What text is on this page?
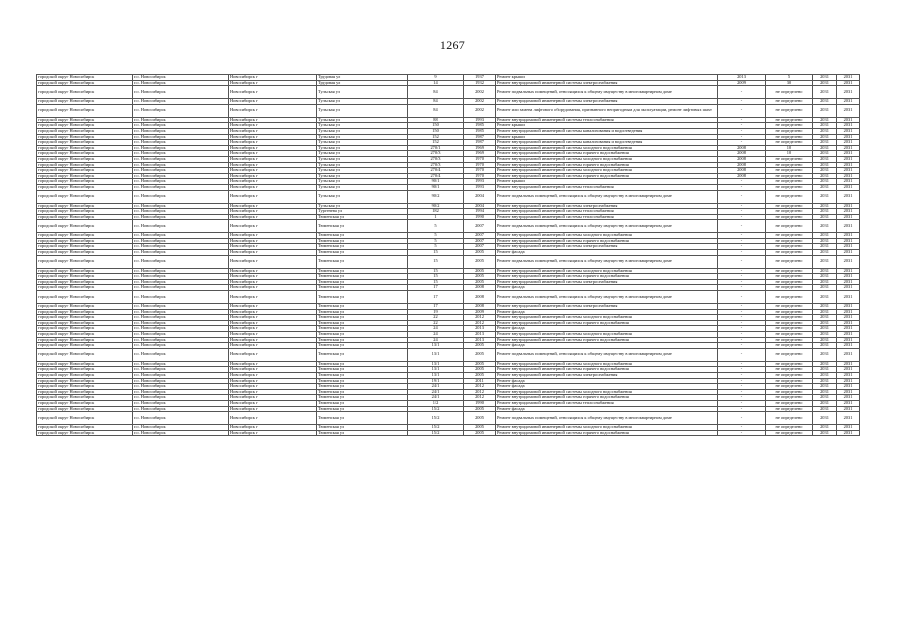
1267
городской округ Новосибирск	г.о. Новосибирск	Новосибирск г	Трудовая ул	9	1937	Ремонт крыши	2013	5	2031	2031
городской округ Новосибирск	г.о. Новосибирск	Новосибирск г	Трудовая ул	14	1932	Ремонт внутридомовой инженерной системы электроснабжения	2009	30	2031	2031
городской округ Новосибирск	г.о. Новосибирск	Новосибирск г	Тульская ул	84	2002	Ремонт подвальных помещений, относящихся к общему имуществу в многоквартирном доме	-	не определено	2031	2031
городской округ Новосибирск	г.о. Новосибирск	Новосибирск г	Тульская ул	84	2002	Ремонт внутридомовой инженерной системы электроснабжения	-	не определено	2031	2031
городской округ Новосибирск	г.о. Новосибирск	Новосибирск г	Тульская ул	84	2002	Ремонт или замена лифтового оборудования, признанного непригодным для эксплуатации, ремонт лифтовых шахт	-	не определено	2031	2031
городской округ Новосибирск	г.о. Новосибирск	Новосибирск г	Тульская ул	88	1993	Ремонт внутридомовой инженерной системы теплоснабжения	-	не определено	2031	2031
городской округ Новосибирск	г.о. Новосибирск	Новосибирск г	Тульская ул	150	1985	Ремонт крыши	-	не определено	2031	2031
городской округ Новосибирск	г.о. Новосибирск	Новосибирск г	Тульская ул	150	1985	Ремонт внутридомовой инженерной системы канализования и водоотведения	-	не определено	2031	2031
городской округ Новосибирск	г.о. Новосибирск	Новосибирск г	Тульская ул	152	1987	Ремонт крыши	-	не определено	2031	2031
городской округ Новосибирск	г.о. Новосибирск	Новосибирск г	Тульская ул	152	1987	Ремонт внутридомовой инженерной системы канализования и водоотведения	-	не определено	2031	2031
городской округ Новосибирск	г.о. Новосибирск	Новосибирск г	Тульская ул	270/1	1969	Ремонт внутридомовой инженерной системы холодного водоснабжения	2008	10	2031	2031
городской округ Новосибирск	г.о. Новосибирск	Новосибирск г	Тульская ул	270/3	1969	Ремонт внутридомовой инженерной системы горячего водоснабжения	2008	10	2031	2031
городской округ Новосибирск	г.о. Новосибирск	Новосибирск г	Тульская ул	270/3	1970	Ремонт внутридомовой инженерной системы холодного водоснабжения	2008	не определено	2031	2031
городской округ Новосибирск	г.о. Новосибирск	Новосибирск г	Тульская ул	270/3	1970	Ремонт внутридомовой инженерной системы горячего водоснабжения	2008	не определено	2031	2031
городской округ Новосибирск	г.о. Новосибирск	Новосибирск г	Тульская ул	270/4	1970	Ремонт внутридомовой инженерной системы холодного водоснабжения	2008	не определено	2031	2031
городской округ Новосибирск	г.о. Новосибирск	Новосибирск г	Тульская ул	270/4	1970	Ремонт внутридомовой инженерной системы горячего водоснабжения	2008	не определено	2031	2031
городской округ Новосибирск	г.о. Новосибирск	Новосибирск г	Тульская ул	90/1	1993	Ремонт крыши	-	не определено	2031	2031
городской округ Новосибирск	г.о. Новосибирск	Новосибирск г	Тульская ул	90/1	1993	Ремонт внутридомовой инженерной системы теплоснабжения	-	не определено	2031	2031
городской округ Новосибирск	г.о. Новосибирск	Новосибирск г	Тульская ул	90/2	2004	Ремонт подвальных помещений, относящихся к общему имуществу в многоквартирном доме	-	не определено	2031	2031
городской округ Новосибирск	г.о. Новосибирск	Новосибирск г	Тульская ул	90/2	2004	Ремонт внутридомовой инженерной системы электроснабжения	-	не определено	2031	2031
городской округ Новосибирск	г.о. Новосибирск	Новосибирск г	Тургенева ул	182	1994	Ремонт внутридомовой инженерной системы теплоснабжения	-	не определено	2031	2031
городской округ Новосибирск	г.о. Новосибирск	Новосибирск г	Тюменская ул	1	1990	Ремонт внутридомовой инженерной системы теплоснабжения	-	не определено	2031	2031
городской округ Новосибирск	г.о. Новосибирск	Новосибирск г	Тюменская ул	5	2007	Ремонт подвальных помещений, относящихся к общему имуществу в многоквартирном доме	-	не определено	2031	2031
городской округ Новосибирск	г.о. Новосибирск	Новосибирск г	Тюменская ул	5	2007	Ремонт внутридомовой инженерной системы холодного водоснабжения	-	не определено	2031	2031
городской округ Новосибирск	г.о. Новосибирск	Новосибирск г	Тюменская ул	5	2007	Ремонт внутридомовой инженерной системы горячего водоснабжения	-	не определено	2031	2031
городской округ Новосибирск	г.о. Новосибирск	Новосибирск г	Тюменская ул	5	2007	Ремонт внутридомовой инженерной системы электроснабжения	-	не определено	2031	2031
городской округ Новосибирск	г.о. Новосибирск	Новосибирск г	Тюменская ул	15	2005	Ремонт фасада	-	не определено	2031	2031
городской округ Новосибирск	г.о. Новосибирск	Новосибирск г	Тюменская ул	15	2005	Ремонт подвальных помещений, относящихся к общему имуществу в многоквартирном доме	-	не определено	2031	2031
городской округ Новосибирск	г.о. Новосибирск	Новосибирск г	Тюменская ул	15	2005	Ремонт внутридомовой инженерной системы холодного водоснабжения	-	не определено	2031	2031
городской округ Новосибирск	г.о. Новосибирск	Новосибирск г	Тюменская ул	15	2005	Ремонт внутридомовой инженерной системы горячего водоснабжения	-	не определено	2031	2031
городской округ Новосибирск	г.о. Новосибирск	Новосибирск г	Тюменская ул	15	2005	Ремонт внутридомовой инженерной системы электроснабжения	-	не определено	2031	2031
городской округ Новосибирск	г.о. Новосибирск	Новосибирск г	Тюменская ул	17	2008	Ремонт фасада	-	не определено	2031	2031
городской округ Новосибирск	г.о. Новосибирск	Новосибирск г	Тюменская ул	17	2008	Ремонт подвальных помещений, относящихся к общему имуществу в многоквартирном доме	-	не определено	2031	2031
городской округ Новосибирск	г.о. Новосибирск	Новосибирск г	Тюменская ул	17	2008	Ремонт внутридомовой инженерной системы электроснабжения	-	не определено	2031	2031
городской округ Новосибирск	г.о. Новосибирск	Новосибирск г	Тюменская ул	19	2009	Ремонт фасада	-	не определено	2031	2031
городской округ Новосибирск	г.о. Новосибирск	Новосибирск г	Тюменская ул	22	2012	Ремонт внутридомовой инженерной системы холодного водоснабжения	-	не определено	2031	2031
городской округ Новосибирск	г.о. Новосибирск	Новосибирск г	Тюменская ул	22	2012	Ремонт внутридомовой инженерной системы горячего водоснабжения	-	не определено	2031	2031
городской округ Новосибирск	г.о. Новосибирск	Новосибирск г	Тюменская ул	24	2013	Ремонт фасада	-	не определено	2031	2031
городской округ Новосибирск	г.о. Новосибирск	Новосибирск г	Тюменская ул	24	2013	Ремонт внутридомовой инженерной системы холодного водоснабжения	-	не определено	2031	2031
городской округ Новосибирск	г.о. Новосибирск	Новосибирск г	Тюменская ул	24	2013	Ремонт внутридомовой инженерной системы горячего водоснабжения	-	не определено	2031	2031
городской округ Новосибирск	г.о. Новосибирск	Новосибирск г	Тюменская ул	13/1	2005	Ремонт фасада	-	не определено	2031	2031
городской округ Новосибирск	г.о. Новосибирск	Новосибирск г	Тюменская ул	13/1	2005	Ремонт подвальных помещений, относящихся к общему имуществу в многоквартирном доме	-	не определено	2031	2031
городской округ Новосибирск	г.о. Новосибирск	Новосибирск г	Тюменская ул	13/1	2005	Ремонт внутридомовой инженерной системы холодного водоснабжения	-	не определено	2031	2031
городской округ Новосибирск	г.о. Новосибирск	Новосибирск г	Тюменская ул	13/1	2005	Ремонт внутридомовой инженерной системы горячего водоснабжения	-	не определено	2031	2031
городской округ Новосибирск	г.о. Новосибирск	Новосибирск г	Тюменская ул	13/1	2005	Ремонт внутридомовой инженерной системы электроснабжения	-	не определено	2031	2031
городской округ Новосибирск	г.о. Новосибирск	Новосибирск г	Тюменская ул	19/1	2011	Ремонт фасада	-	не определено	2031	2031
городской округ Новосибирск	г.о. Новосибирск	Новосибирск г	Тюменская ул	24/1	2012	Ремонт фасада	-	не определено	2031	2031
городской округ Новосибирск	г.о. Новосибирск	Новосибирск г	Тюменская ул	24/1	2012	Ремонт внутридомовой инженерной системы холодного водоснабжения	-	не определено	2031	2031
городской округ Новосибирск	г.о. Новосибирск	Новосибирск г	Тюменская ул	24/1	2012	Ремонт внутридомовой инженерной системы горячего водоснабжения	-	не определено	2031	2031
городской округ Новосибирск	г.о. Новосибирск	Новосибирск г	Тюменская ул	1/2	1990	Ремонт внутридомовой инженерной системы теплоснабжения	-	не определено	2031	2031
городской округ Новосибирск	г.о. Новосибирск	Новосибирск г	Тюменская ул	15/2	2005	Ремонт фасада	-	не определено	2031	2031
городской округ Новосибирск	г.о. Новосибирск	Новосибирск г	Тюменская ул	15/2	2005	Ремонт подвальных помещений, относящихся к общему имуществу в многоквартирном доме	-	не определено	2031	2031
городской округ Новосибирск	г.о. Новосибирск	Новосибирск г	Тюменская ул	15/2	2005	Ремонт внутридомовой инженерной системы холодного водоснабжения	-	не определено	2031	2031
городской округ Новосибирск	г.о. Новосибирск	Новосибирск г	Тюменская ул	15/2	2005	Ремонт внутридомовой инженерной системы горячего водоснабжения	-	не определено	2031	2031
